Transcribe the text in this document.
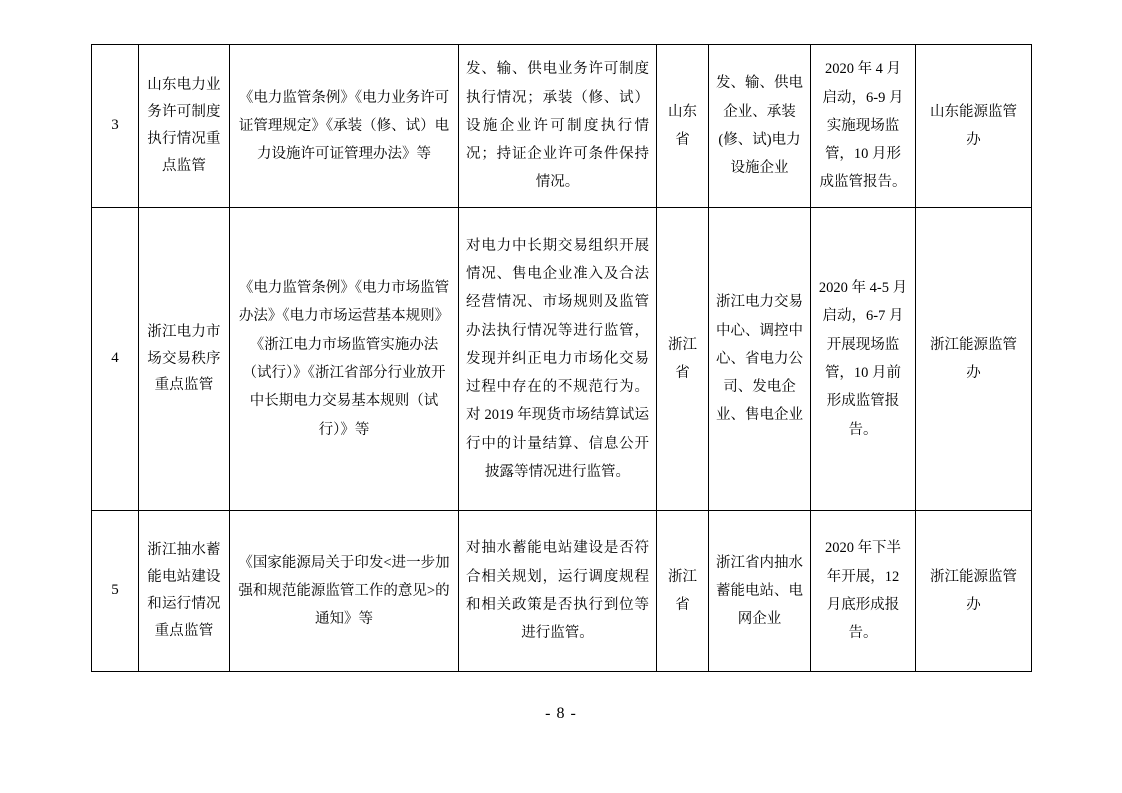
3	山东电力业务许可制度执行情况重点监管	《电力监管条例》《电力业务许可证管理规定》《承装（修、试）电力设施许可证管理办法》等	发、输、供电业务许可制度执行情况；承装（修、试）设施企业许可制度执行情况；持证企业许可条件保持情况。	山东省	发、输、供电企业、承装(修、试)电力设施企业	2020 年 4 月启动，6-9 月实施现场监管，10 月形成监管报告。	山东能源监管办
4	浙江电力市场交易秩序重点监管	《电力监管条例》《电力市场监管办法》《电力市场运营基本规则》《浙江电力市场监管实施办法（试行）》《浙江省部分行业放开中长期电力交易基本规则（试行）》等	对电力中长期交易组织开展情况、售电企业准入及合法经营情况、市场规则及监管办法执行情况等进行监管，发现并纠正电力市场化交易过程中存在的不规范行为。对 2019 年现货市场结算试运行中的计量结算、信息公开披露等情况进行监管。	浙江省	浙江电力交易中心、调控中心、省电力公司、发电企业、售电企业	2020 年 4-5 月启动，6-7 月开展现场监管，10 月前形成监管报告。	浙江能源监管办
5	浙江抽水蓄能电站建设和运行情况重点监管	《国家能源局关于印发<进一步加强和规范能源监管工作的意见>的通知》等	对抽水蓄能电站建设是否符合相关规划，运行调度规程和相关政策是否执行到位等进行监管。	浙江省	浙江省内抽水蓄能电站、电网企业	2020 年下半年开展，12 月底形成报告。	浙江能源监管办
- 8 -
